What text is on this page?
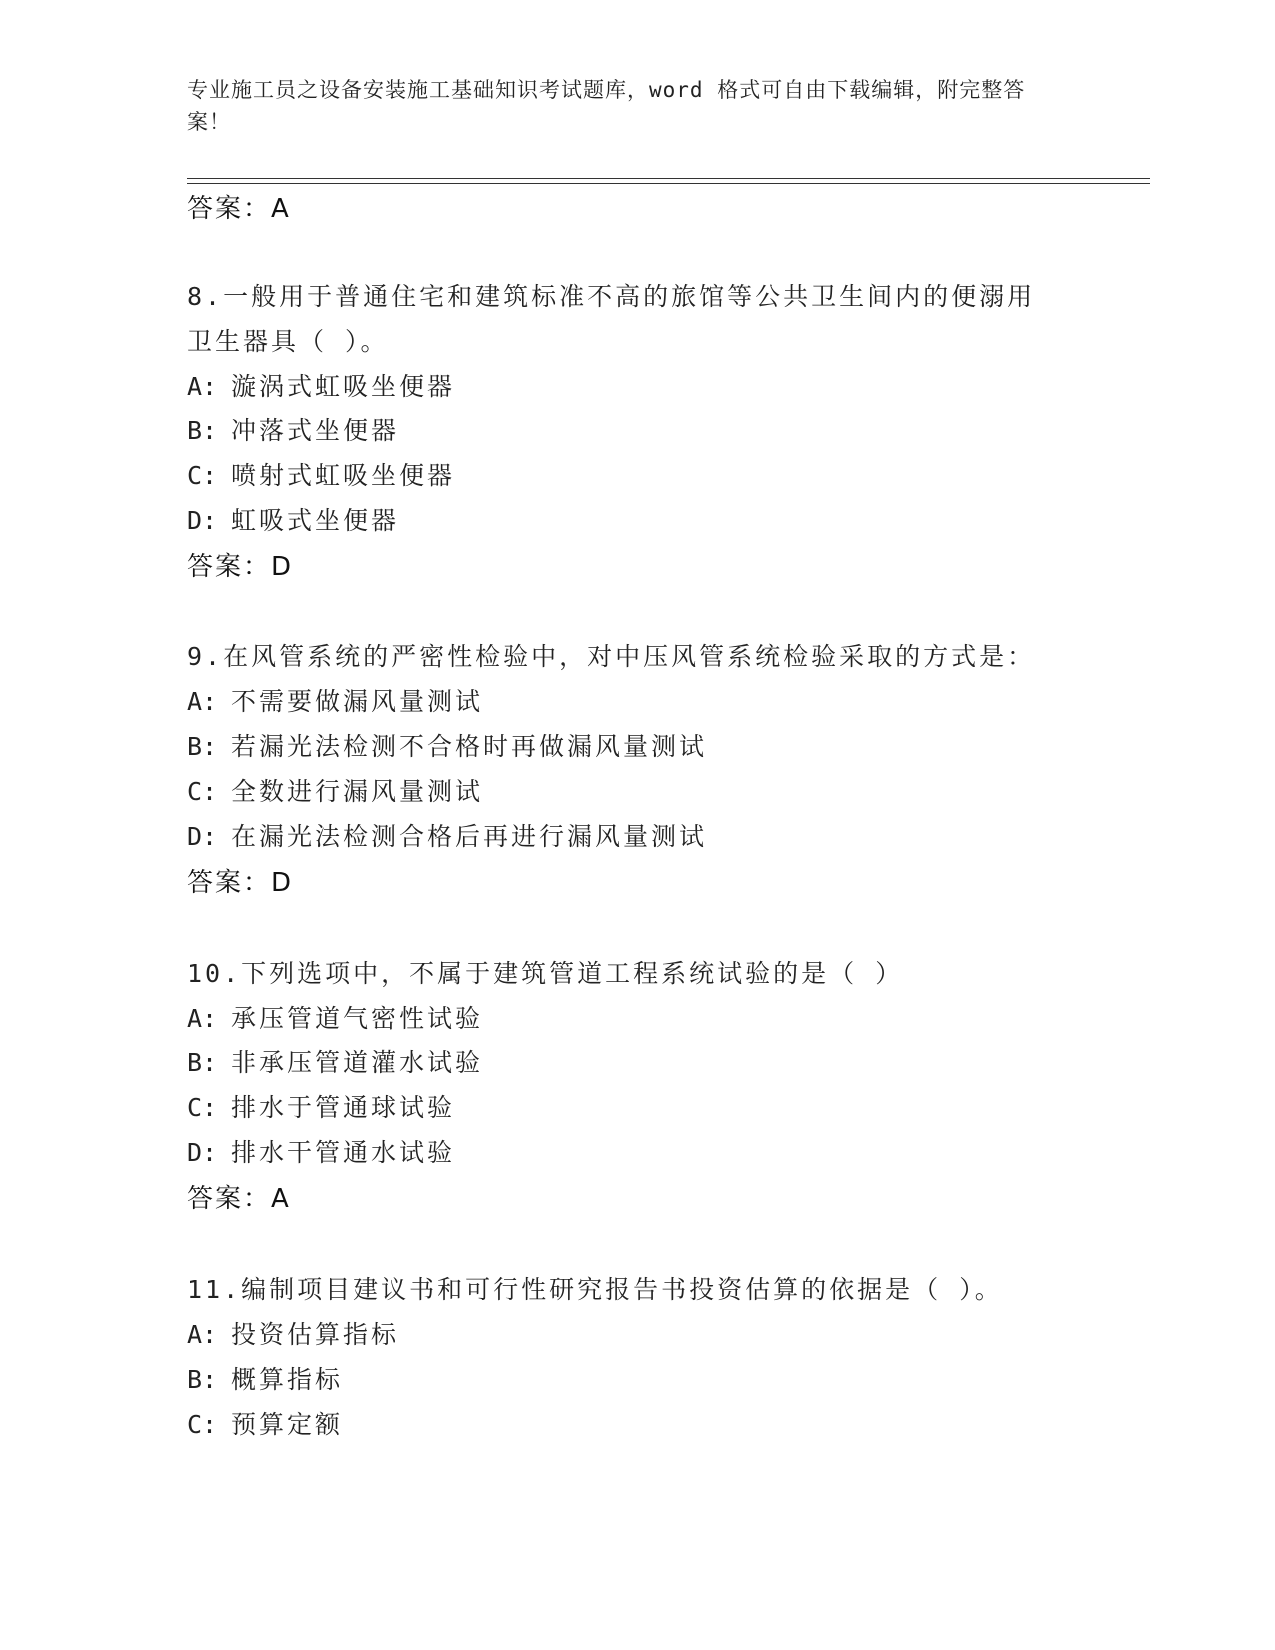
专业施工员之设备安装施工基础知识考试题库，word 格式可自由下载编辑，附完整答案！
答案：A
8.一般用于普通住宅和建筑标准不高的旅馆等公共卫生间内的便溺用
卫生器具（ ）。
A: 漩涡式虹吸坐便器
B: 冲落式坐便器
C: 喷射式虹吸坐便器
D: 虹吸式坐便器
答案：D
9.在风管系统的严密性检验中，对中压风管系统检验采取的方式是：
A: 不需要做漏风量测试
B: 若漏光法检测不合格时再做漏风量测试
C: 全数进行漏风量测试
D: 在漏光法检测合格后再进行漏风量测试
答案：D
10.下列选项中，不属于建筑管道工程系统试验的是（ ）
A: 承压管道气密性试验
B: 非承压管道灌水试验
C: 排水于管通球试验
D: 排水干管通水试验
答案：A
11.编制项目建议书和可行性研究报告书投资估算的依据是（ ）。
A: 投资估算指标
B: 概算指标
C: 预算定额
